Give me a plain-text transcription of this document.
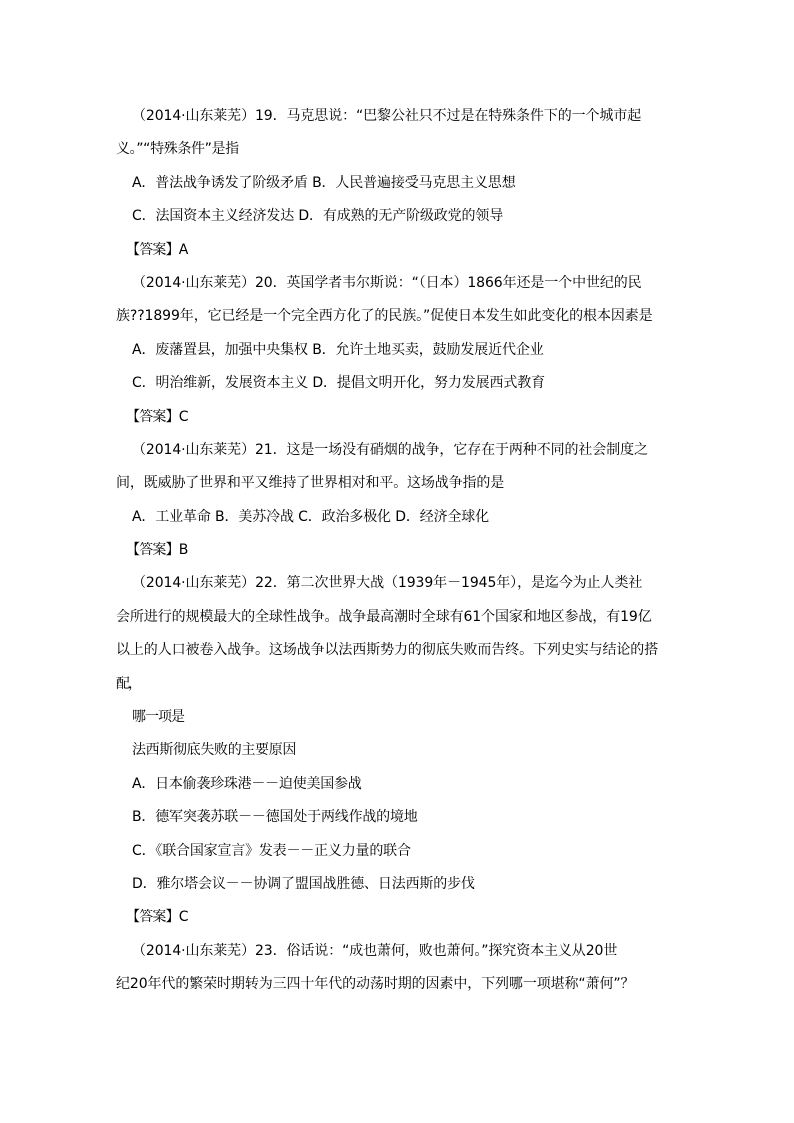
（2014·山东莱芜）19．马克思说：“巴黎公社只不过是在特殊条件下的一个城市起
义。”“特殊条件”是指
A．普法战争诱发了阶级矛盾 B．人民普遍接受马克思主义思想
C．法国资本主义经济发达 D．有成熟的无产阶级政党的领导
【答案】A
（2014·山东莱芜）20．英国学者韦尔斯说：“（日本）1866年还是一个中世纪的民
族??1899年，它已经是一个完全西方化了的民族。”促使日本发生如此变化的根本因素是
A．废藩置县，加强中央集权 B．允许土地买卖，鼓励发展近代企业
C．明治维新，发展资本主义 D．提倡文明开化，努力发展西式教育
【答案】C
（2014·山东莱芜）21．这是一场没有硝烟的战争，它存在于两种不同的社会制度之
间，既威胁了世界和平又维持了世界相对和平。这场战争指的是
A．工业革命 B．美苏冷战 C．政治多极化 D．经济全球化
【答案】B
（2014·山东莱芜）22．第二次世界大战（1939年－1945年），是迄今为止人类社
会所进行的规模最大的全球性战争。战争最高潮时全球有61个国家和地区参战，有19亿
以上的人口被卷入战争。这场战争以法西斯势力的彻底失败而告终。下列史实与结论的搭
配，
哪一项是
法西斯彻底失败的主要原因
A．日本偷袭珍珠港－－迫使美国参战
B．德军突袭苏联－－德国处于两线作战的境地
C．《联合国家宣言》发表－－正义力量的联合
D．雅尔塔会议－－协调了盟国战胜德、日法西斯的步伐
【答案】C
（2014·山东莱芜）23．俗话说：“成也萧何，败也萧何。”探究资本主义从20世
纪20年代的繁荣时期转为三四十年代的动荡时期的因素中，下列哪一项堪称“萧何”？
